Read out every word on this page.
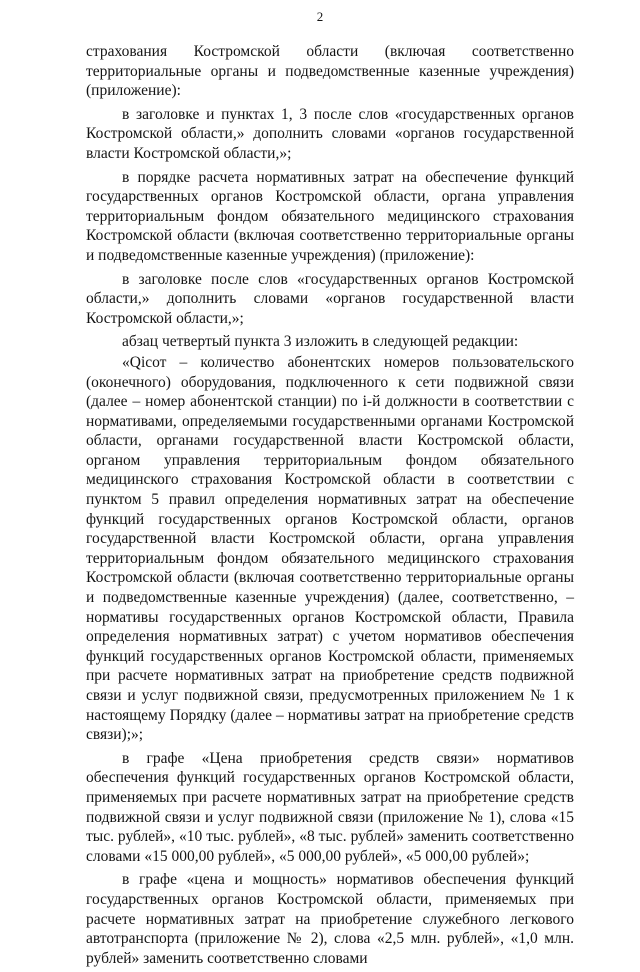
2

страхования Костромской области (включая соответственно территориальные органы и подведомственные казенные учреждения) (приложение):

в заголовке и пунктах 1, 3 после слов «государственных органов Костромской области,» дополнить словами «органов государственной власти Костромской области,»;

в порядке расчета нормативных затрат на обеспечение функций государственных органов Костромской области, органа управления территориальным фондом обязательного медицинского страхования Костромской области (включая соответственно территориальные органы и подведомственные казенные учреждения) (приложение):

в заголовке после слов «государственных органов Костромской области,» дополнить словами «органов государственной власти Костромской области,»;

абзац четвертый пункта 3 изложить в следующей редакции:

«Qiсот – количество абонентских номеров пользовательского (оконечного) оборудования, подключенного к сети подвижной связи (далее – номер абонентской станции) по i-й должности в соответствии с нормативами, определяемыми государственными органами Костромской области, органами государственной власти Костромской области, органом управления территориальным фондом обязательного медицинского страхования Костромской области в соответствии с пунктом 5 правил определения нормативных затрат на обеспечение функций государственных органов Костромской области, органов государственной власти Костромской области, органа управления территориальным фондом обязательного медицинского страхования Костромской области (включая соответственно территориальные органы и подведомственные казенные учреждения) (далее, соответственно, – нормативы государственных органов Костромской области, Правила определения нормативных затрат) с учетом нормативов обеспечения функций государственных органов Костромской области, применяемых при расчете нормативных затрат на приобретение средств подвижной связи и услуг подвижной связи, предусмотренных приложением № 1 к настоящему Порядку (далее – нормативы затрат на приобретение средств связи);»;

в графе «Цена приобретения средств связи» нормативов обеспечения функций государственных органов Костромской области, применяемых при расчете нормативных затрат на приобретение средств подвижной связи и услуг подвижной связи (приложение № 1), слова «15 тыс. рублей», «10 тыс. рублей», «8 тыс. рублей» заменить соответственно словами «15 000,00 рублей», «5 000,00 рублей», «5 000,00 рублей»;

в графе «цена и мощность» нормативов обеспечения функций государственных органов Костромской области, применяемых при расчете нормативных затрат на приобретение служебного легкового автотранспорта (приложение № 2), слова «2,5 млн. рублей», «1,0 млн. рублей» заменить соответственно словами
